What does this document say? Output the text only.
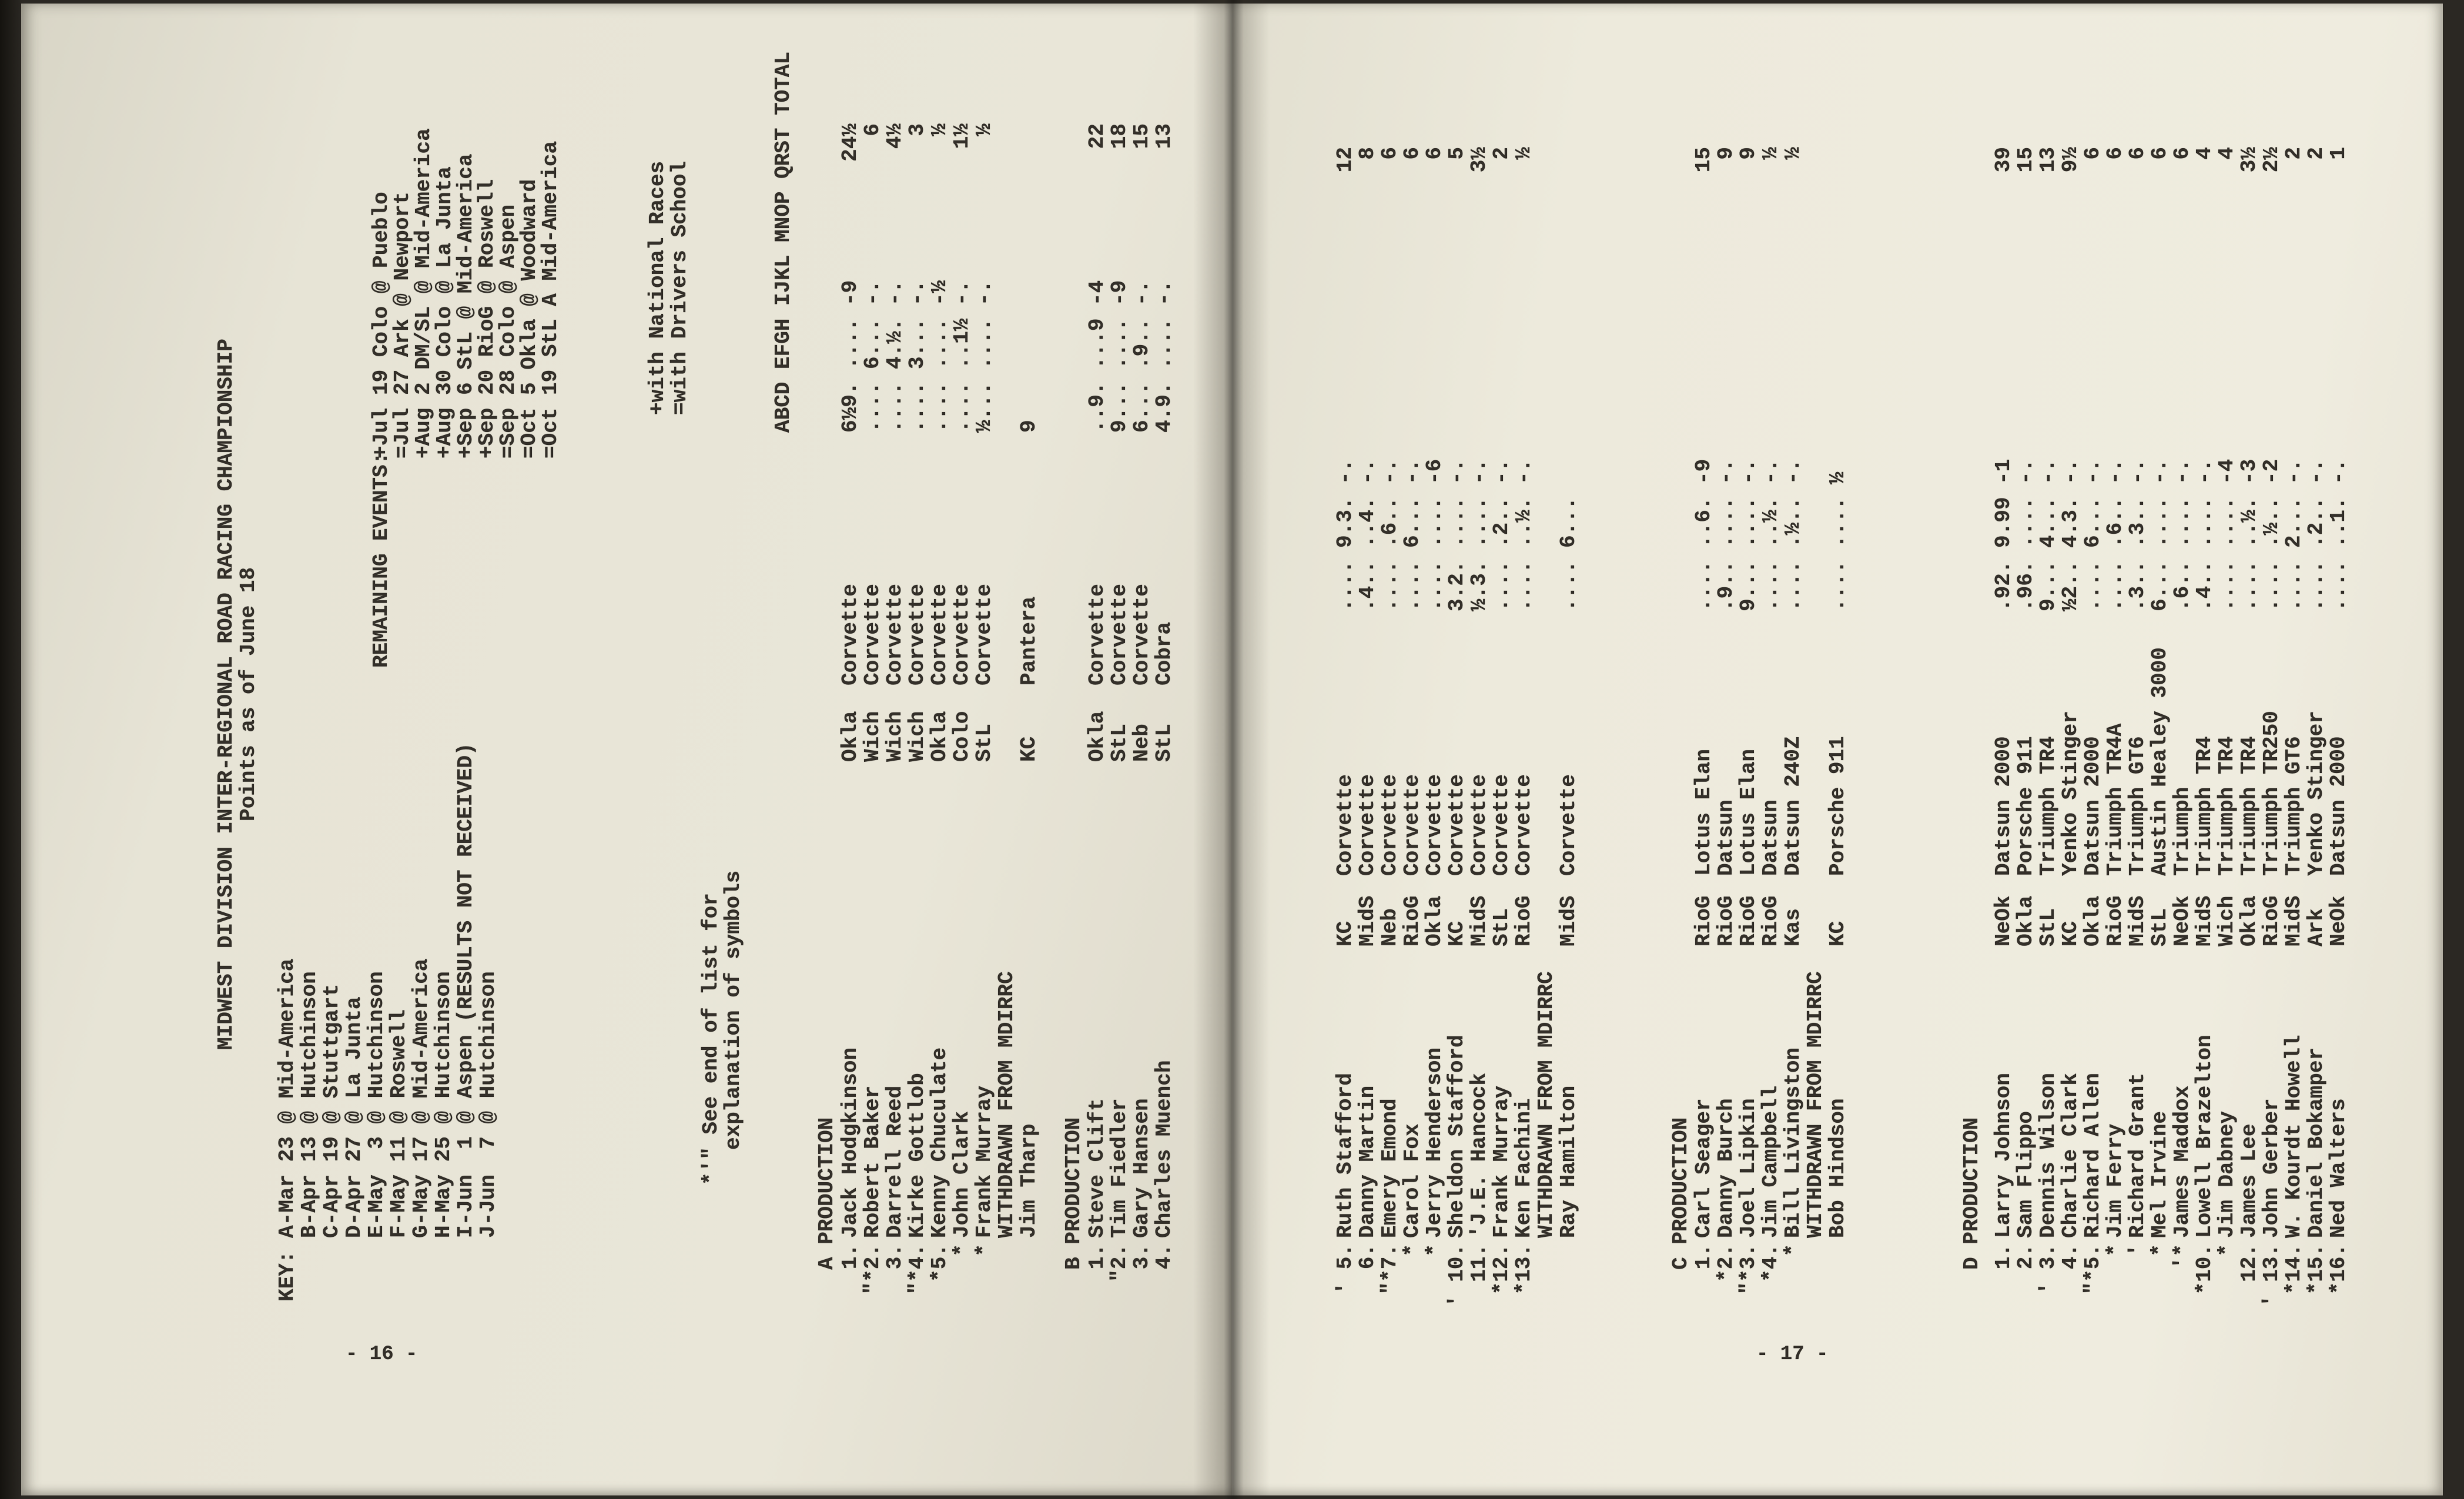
MIDWEST DIVISION INTER-REGIONAL ROAD RACING CHAMPIONSHIP
Points as of June 18
KEY:
A-Mar 23 @ Mid-America
B-Apr 13 @ Hutchinson
C-Apr 19 @ Stuttgart
D-Apr 27 @ La Junta
E-May  3 @ Hutchinson
F-May 11 @ Roswell
G-May 17 @ Mid-America
H-May 25 @ Hutchinson
I-Jun  1 @ Aspen (RESULTS NOT RECEIVED)
J-Jun  7 @ Hutchinson
REMAINING EVENTS:
+Jul 19 Colo @ Pueblo
=Jul 27 Ark @ Newport
+Aug 2 DM/SL @ Mid-America
+Aug 30 Colo @ La Junta
+Sep 6 StL @ Mid-America
+Sep 20 RioG @ Roswell
=Sep 28 Colo @ Aspen
=Oct 5 Okla @ Woodward
=Oct 19 StL A Mid-America	+with National Races
=with Drivers School
*'" See end of list for
explanation of symbols
ABCD EFGH IJKL MNOP QRST TOTAL
A PRODUCTION 1.
Jack Hodgkinson
Okla
Corvette
6½9. .... -9
24½
"*2.
Robert Baker
Wich
Corvette
.... 6... -.
6
3.
Darrell Reed
Wich
Corvette
.... 4.½. -.
4½
"*4.
Kirke Gottlob
Wich
Corvette
.... 3... -.
3
*5.
Kenny Chuculate
Okla
Corvette
.... .... -½
½
*
John Clark
Colo
Corvette
.... ..1½ -.
1½
*
Frank Murray
StL
Corvette
½... .... -.
½
WITHDRAWN FROM MDIRRC
Jim Tharp
KC
Pantera
9
B PRODUCTION 1.
Steve Clift
Okla
Corvette
..9. ...9 -4
22
"2.
Tim Fiedler
StL
Corvette
9... .... -9
18
3.
Gary Hansen
Neb
Corvette
6... .9.. -.
15
4.
Charles Muench
StL
Cobra
4.9. .... -.
13
- 16 -
' 5.
Ruth Stafford
KC
Corvette
.... 9.3. -.
12
6.
Danny Martin
MidS
Corvette
.4.. ..4. -.
8
"*7.
Emery Emond
Neb
Corvette
.... .6.. -.
6
*
Carol Fox
RioG
Corvette
.... 6... -.
6
*
Jerry Henderson
Okla
Corvette
.... .... -6
6
' 10.
Sheldon Stafford
KC
Corvette
3.2. .... -.
5
11.
'J.E. Hancock
MidS
Corvette
½.3. .... -.
3½
*12.
Frank Murray
StL
Corvette
.... .2.. -.
2
*13.
Ken Fachini
RioG
Corvette
.... ..½. -.
½
WITHDRAWN FROM MDIRRC
Ray Hamilton
MidS
Corvette
.... 6...
C PRODUCTION
1.
Carl Seager
RioG
Lotus Elan
.... ..6. -9
15
*2.
Danny Burch
RioG
Datsun
.9.. .... -.
9
"*3.
Joel Lipkin
RioG
Lotus Elan
9... .... -.
9
*4.
Jim Campbell
RioG
Datsun
.... ..½. -.
½
*
Bill Livingston
Kas
Datsun 240Z
.... .½.. -.
½
WITHDRAWN FROM MDIRRC
Bob Hindson
KC
Porsche 911
.... .... ½
D PRODUCTION 1.
Larry Johnson
NeOk
Datsun 2000
.92. 9.99 -1
39
2.
Sam Flippo
Okla
Porsche 911
.96. .... -.
15
' 3.
Dennis Wilson
StL
Triumph TR4
9... 4... -.
13
4.
Charlie Clark
KC
Yenko Stinger
½2.. 4.3. -.
9½
"*5.
Richard Allen
Okla
Datsun 2000
.... 6... -.
6
*
Jim Ferry
RioG
Triumph TR4A
.... .6.. -.
6
'
Richard Grant
MidS
Triumph GT6
.3.. .3.. -.
6
*
Mel Irvine
StL
Austin Healey 3000
6... .... -.
6
'*
James Maddox
NeOk
Triumph
.6.. .... -.
6
*10.
Lowell Brazelton
MidS
Triumph TR4
.4.. .... -.
4
*
Jim Dabney
Wich
Triumph TR4
.... .... -4
4
12.
James Lee
Okla
Triumph TR4
.... ..½. -3
3½
' 13.
John Gerber
RioG
Triumph TR250
.... .½.. -2
2½
*14.
W. Kourdt Howell
MidS
Triumph GT6
.... 2... -.
2
*15.
Daniel Bokamper
Ark
Yenko Stinger
.... .2.. -.
2
*16.
Ned Walters
NeOk
Datsun 2000
.... ..1. -.
1
- 17 -
